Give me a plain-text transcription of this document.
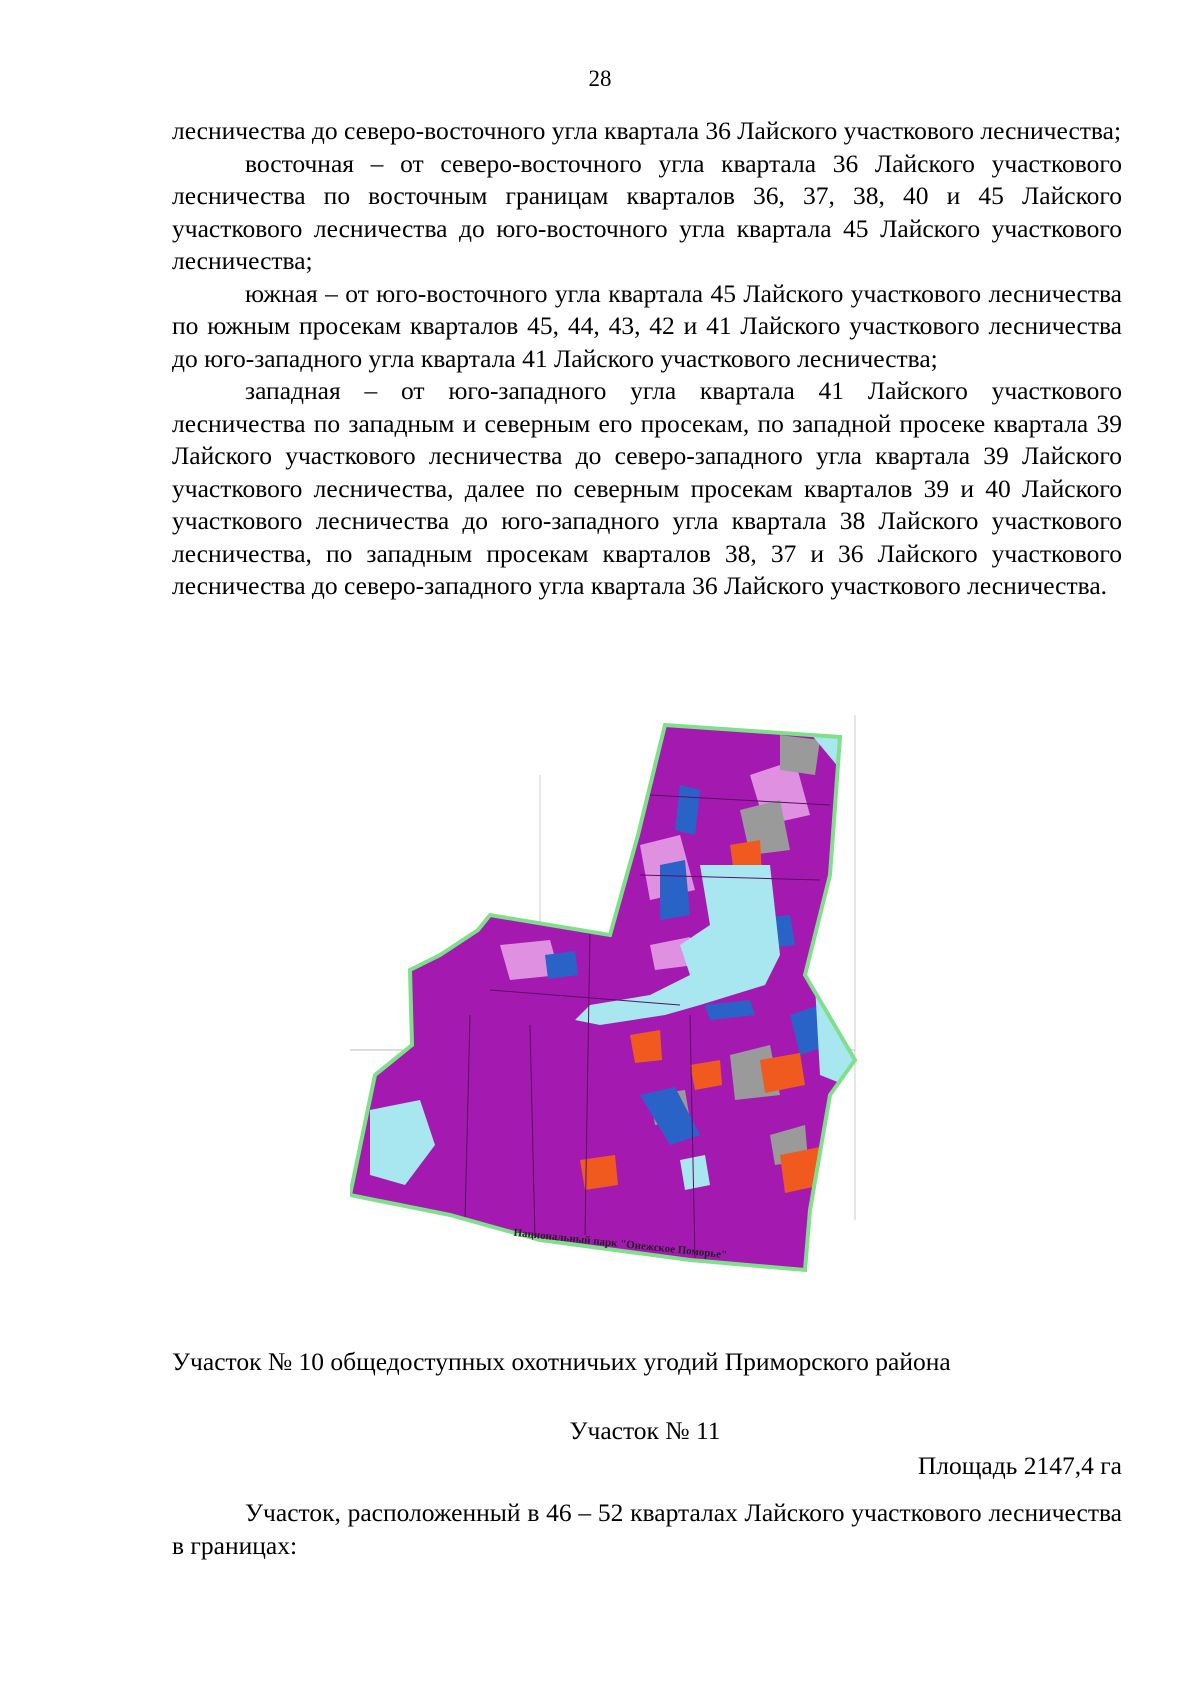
28

лесничества до северо-восточного угла квартала 36 Лайского участкового лесничества;

восточная – от северо-восточного угла квартала 36 Лайского участкового лесничества по восточным границам кварталов 36, 37, 38, 40 и 45 Лайского участкового лесничества до юго-восточного угла квартала 45 Лайского участкового лесничества;

южная – от юго-восточного угла квартала 45 Лайского участкового лесничества по южным просекам кварталов 45, 44, 43, 42 и 41 Лайского участкового лесничества до юго-западного угла квартала 41 Лайского участкового лесничества;

западная – от юго-западного угла квартала 41 Лайского участкового лесничества по западным и северным его просекам, по западной просеке квартала 39 Лайского участкового лесничества до северо-западного угла квартала 39 Лайского участкового лесничества, далее по северным просекам кварталов 39 и 40 Лайского участкового лесничества до юго-западного угла квартала 38 Лайского участкового лесничества, по западным просекам кварталов 38, 37 и 36 Лайского участкового лесничества до северо-западного угла квартала 36 Лайского участкового лесничества.

Национальный парк "Онежское Поморье"
Участок № 10 общедоступных охотничьих угодий Приморского района
Участок № 11
Площадь 2147,4 га

Участок, расположенный в 46 – 52 кварталах Лайского участкового лесничества в границах:
